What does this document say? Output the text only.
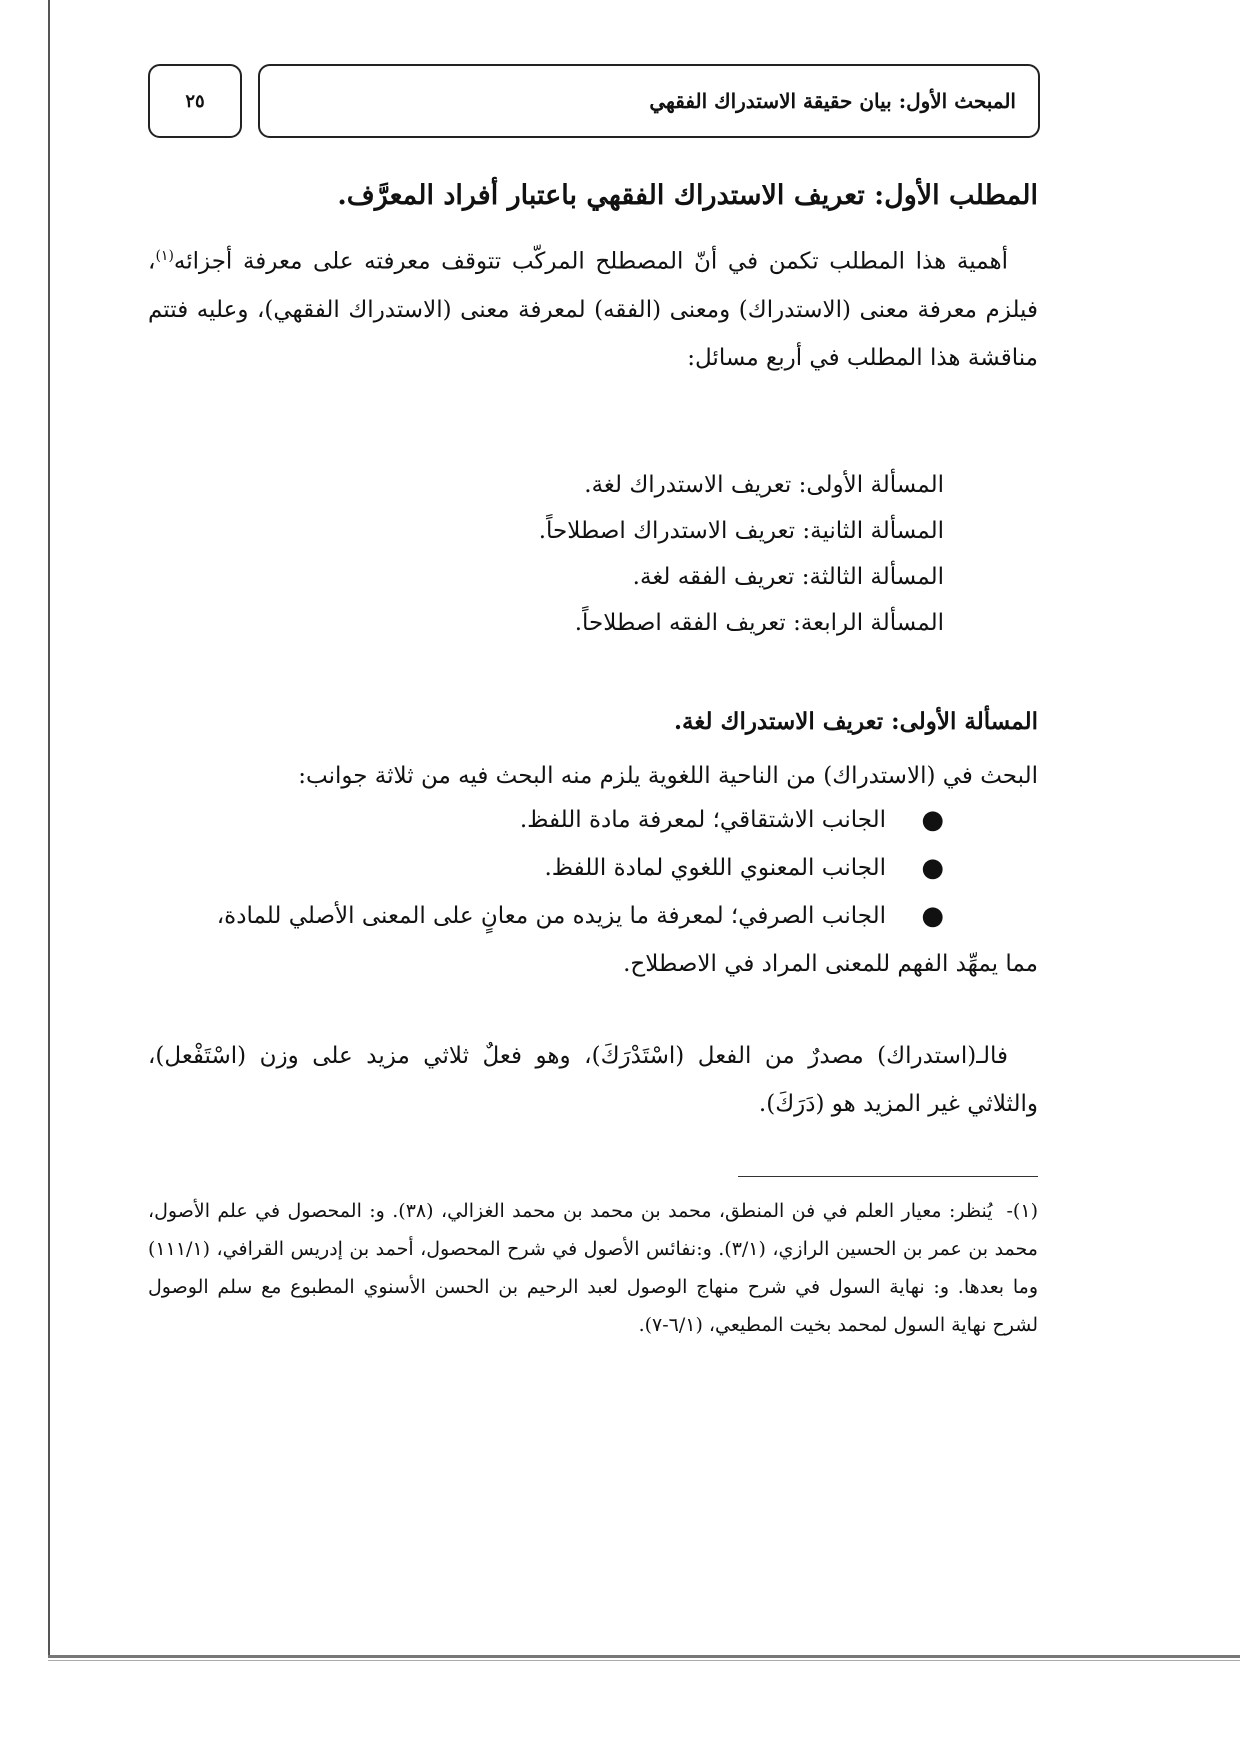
المبحث الأول: بيان حقيقة الاستدراك الفقهي
٢٥
المطلب الأول: تعريف الاستدراك الفقهي باعتبار أفراد المعرَّف.
أهمية هذا المطلب تكمن في أنّ المصطلح المركّب تتوقف معرفته على معرفة أجزائه$^{(١)}$، فيلزم معرفة معنى (الاستدراك) ومعنى (الفقه) لمعرفة معنى (الاستدراك الفقهي)، وعليه فتتم مناقشة هذا المطلب في أربع مسائل:
المسألة الأولى: تعريف الاستدراك لغة.
المسألة الثانية: تعريف الاستدراك اصطلاحاً.
المسألة الثالثة: تعريف الفقه لغة.
المسألة الرابعة: تعريف الفقه اصطلاحاً.
المسألة الأولى: تعريف الاستدراك لغة.
البحث في (الاستدراك) من الناحية اللغوية يلزم منه البحث فيه من ثلاثة جوانب:
●
الجانب الاشتقاقي؛ لمعرفة مادة اللفظ.
●
الجانب المعنوي اللغوي لمادة اللفظ.
●
الجانب الصرفي؛ لمعرفة ما يزيده من معانٍ على المعنى الأصلي للمادة،
مما يمهِّد الفهم للمعنى المراد في الاصطلاح.
فالـ(استدراك) مصدرٌ من الفعل (اسْتَدْرَكَ)، وهو فعلٌ ثلاثي مزيد على وزن (اسْتَفْعل)، والثلاثي غير المزيد هو (دَرَكَ).
(١)-يُنظر: معيار العلم في فن المنطق، محمد بن محمد بن محمد الغزالي، (٣٨). و: المحصول في علم الأصول، محمد بن عمر بن الحسين الرازي، (٣/١). و:نفائس الأصول في شرح المحصول، أحمد بن إدريس القرافي، (١١١/١) وما بعدها. و: نهاية السول في شرح منهاج الوصول لعبد الرحيم بن الحسن الأسنوي المطبوع مع سلم الوصول لشرح نهاية السول لمحمد بخيت المطيعي، (٦/١-٧).
